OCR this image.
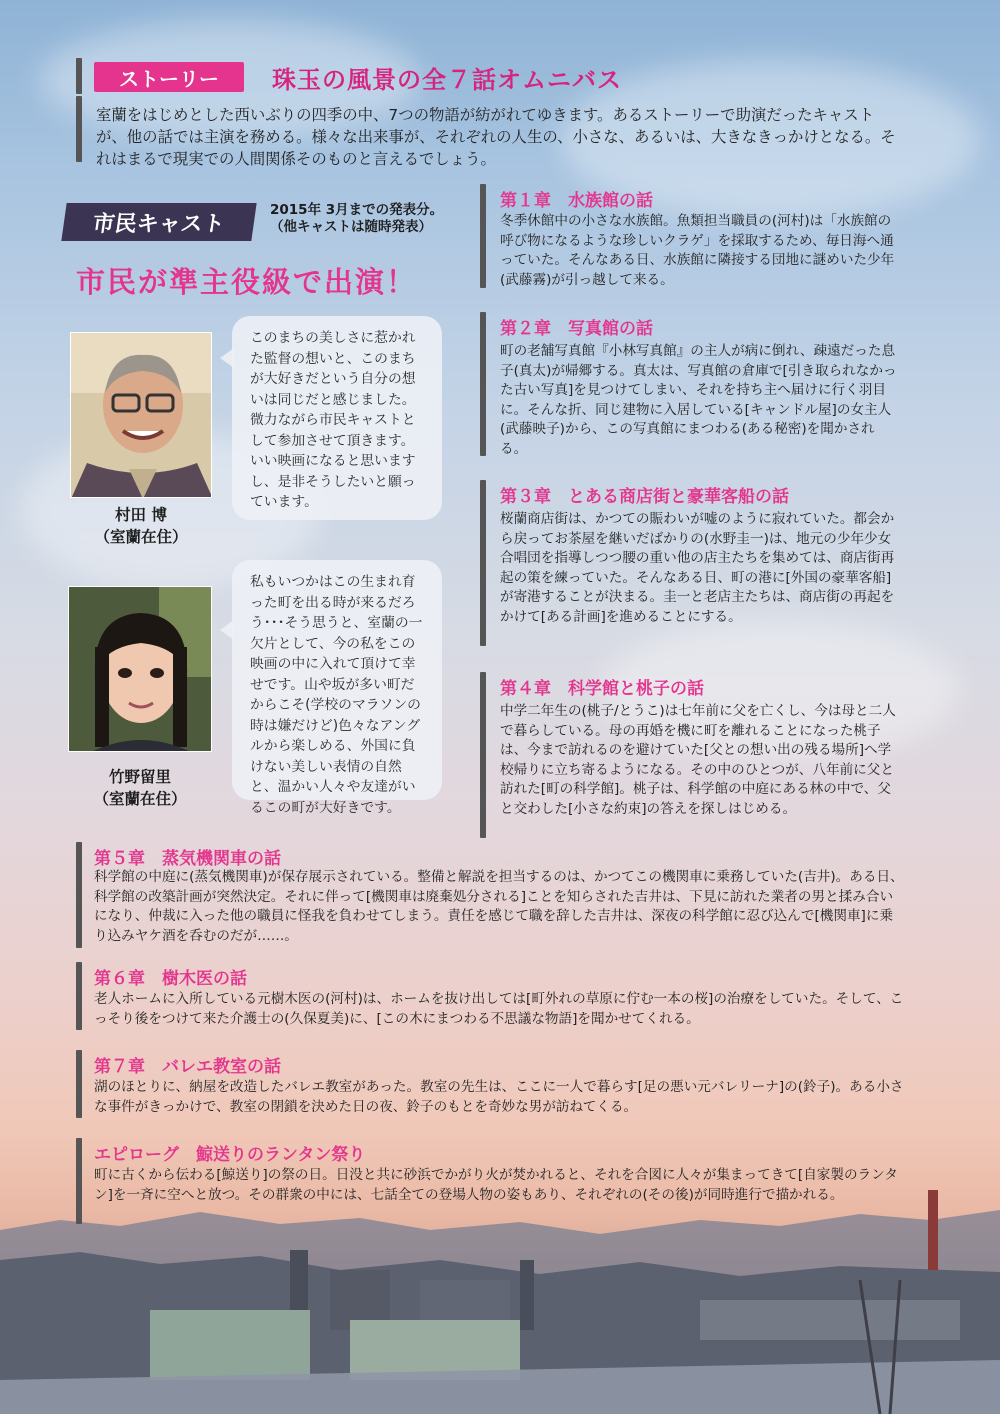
ストーリー	珠玉の風景の全７話オムニバス
室蘭をはじめとした西いぶりの四季の中、7つの物語が紡がれてゆきます。あるストーリーで助演だったキャストが、他の話では主演を務める。様々な出来事が、それぞれの人生の、小さな、あるいは、大きなきっかけとなる。それはまるで現実での人間関係そのものと言えるでしょう。
市民キャスト
2015年 3月までの発表分。
（他キャストは随時発表）
市民が準主役級で出演！
村田 博
（室蘭在住）
このまちの美しさに惹かれた監督の想いと、このまちが大好きだという自分の想いは同じだと感じました。微力ながら市民キャストとして参加させて頂きます。いい映画になると思いますし、是非そうしたいと願っています。
竹野留里
（室蘭在住）
私もいつかはこの生まれ育った町を出る時が来るだろう･･･そう思うと、室蘭の一欠片として、今の私をこの映画の中に入れて頂けて幸せです。山や坂が多い町だからこそ(学校のマラソンの時は嫌だけど)色々なアングルから楽しめる、外国に負けない美しい表情の自然と、温かい人々や友達がいるこの町が大好きです。
第１章　水族館の話
冬季休館中の小さな水族館。魚類担当職員の(河村)は「水族館の呼び物になるような珍しいクラゲ」を採取するため、毎日海へ通っていた。そんなある日、水族館に隣接する団地に謎めいた少年(武藤霧)が引っ越して来る。
第２章　写真館の話
町の老舗写真館『小林写真館』の主人が病に倒れ、疎遠だった息子(真太)が帰郷する。真太は、写真館の倉庫で[引き取られなかった古い写真]を見つけてしまい、それを持ち主へ届けに行く羽目に。そんな折、同じ建物に入居している[キャンドル屋]の女主人(武藤映子)から、この写真館にまつわる(ある秘密)を聞かされる。
第３章　とある商店街と豪華客船の話
桜蘭商店街は、かつての賑わいが嘘のように寂れていた。都会から戻ってお茶屋を継いだばかりの(水野圭一)は、地元の少年少女合唱団を指導しつつ腰の重い他の店主たちを集めては、商店街再起の策を練っていた。そんなある日、町の港に[外国の豪華客船]が寄港することが決まる。圭一と老店主たちは、商店街の再起をかけて[ある計画]を進めることにする。
第４章　科学館と桃子の話
中学二年生の(桃子/とうこ)は七年前に父を亡くし、今は母と二人で暮らしている。母の再婚を機に町を離れることになった桃子は、今まで訪れるのを避けていた[父との想い出の残る場所]へ学校帰りに立ち寄るようになる。その中のひとつが、八年前に父と訪れた[町の科学館]。桃子は、科学館の中庭にある林の中で、父と交わした[小さな約束]の答えを探しはじめる。
第５章　蒸気機関車の話
科学館の中庭に(蒸気機関車)が保存展示されている。整備と解説を担当するのは、かつてこの機関車に乗務していた(吉井)。ある日、科学館の改築計画が突然決定。それに伴って[機関車は廃棄処分される]ことを知らされた吉井は、下見に訪れた業者の男と揉み合いになり、仲裁に入った他の職員に怪我を負わせてしまう。責任を感じて職を辞した吉井は、深夜の科学館に忍び込んで[機関車]に乗り込みヤケ酒を呑むのだが……。
第６章　樹木医の話
老人ホームに入所している元樹木医の(河村)は、ホームを抜け出しては[町外れの草原に佇む一本の桜]の治療をしていた。そして、こっそり後をつけて来た介護士の(久保夏美)に、[この木にまつわる不思議な物語]を聞かせてくれる。
第７章　バレエ教室の話
湖のほとりに、納屋を改造したバレエ教室があった。教室の先生は、ここに一人で暮らす[足の悪い元バレリーナ]の(鈴子)。ある小さな事件がきっかけで、教室の閉鎖を決めた日の夜、鈴子のもとを奇妙な男が訪ねてくる。
エピローグ　鯨送りのランタン祭り
町に古くから伝わる[鯨送り]の祭の日。日没と共に砂浜でかがり火が焚かれると、それを合図に人々が集まってきて[自家製のランタン]を一斉に空へと放つ。その群衆の中には、七話全ての登場人物の姿もあり、それぞれの(その後)が同時進行で描かれる。
